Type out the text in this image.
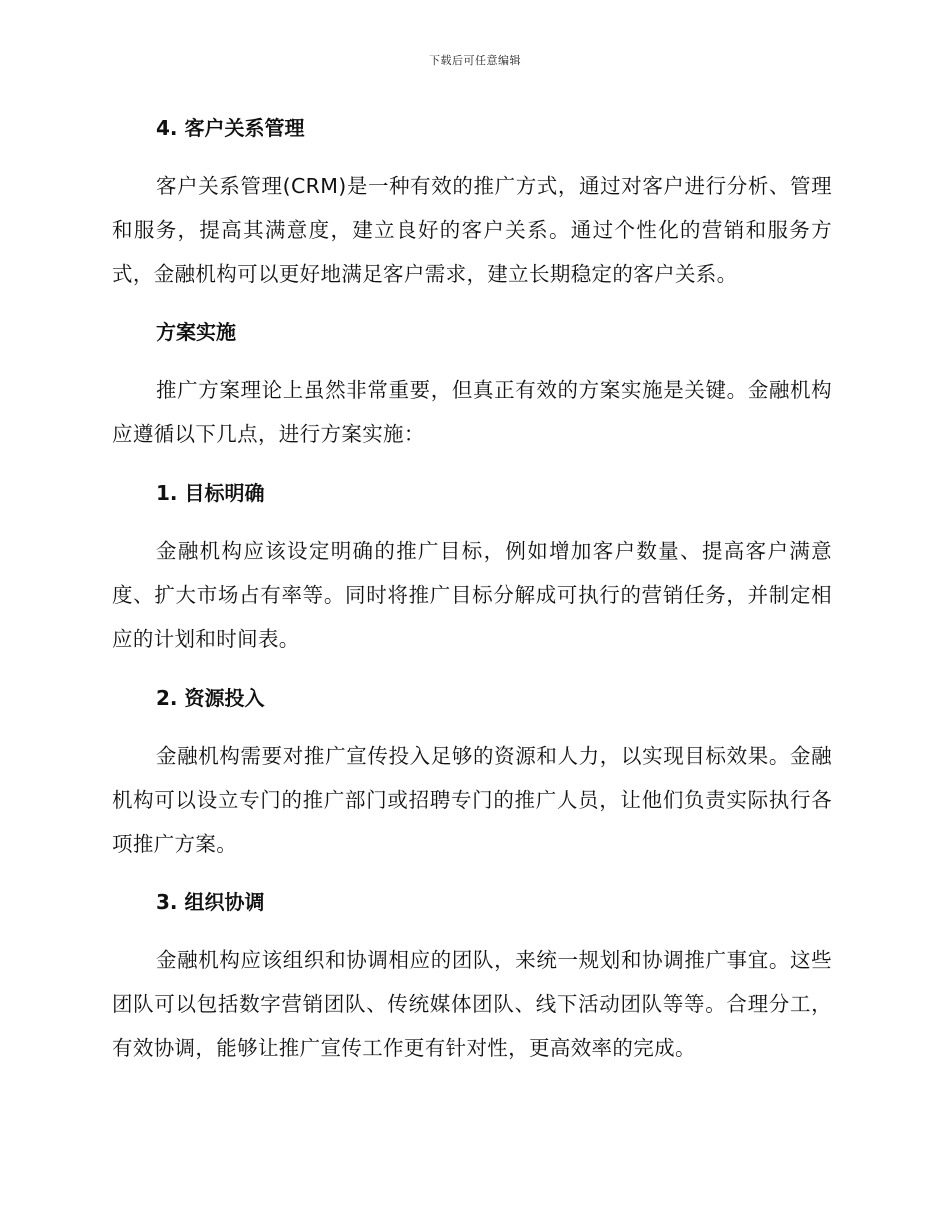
下载后可任意编辑
4. 客户关系管理

客户关系管理(CRM)是一种有效的推广方式，通过对客户进行分析、管理和服务，提高其满意度，建立良好的客户关系。通过个性化的营销和服务方式，金融机构可以更好地满足客户需求，建立长期稳定的客户关系。

方案实施

推广方案理论上虽然非常重要，但真正有效的方案实施是关键。金融机构应遵循以下几点，进行方案实施：

1. 目标明确

金融机构应该设定明确的推广目标，例如增加客户数量、提高客户满意度、扩大市场占有率等。同时将推广目标分解成可执行的营销任务，并制定相应的计划和时间表。

2. 资源投入

金融机构需要对推广宣传投入足够的资源和人力，以实现目标效果。金融机构可以设立专门的推广部门或招聘专门的推广人员，让他们负责实际执行各项推广方案。

3. 组织协调

金融机构应该组织和协调相应的团队，来统一规划和协调推广事宜。这些团队可以包括数字营销团队、传统媒体团队、线下活动团队等等。合理分工，有效协调，能够让推广宣传工作更有针对性，更高效率的完成。
